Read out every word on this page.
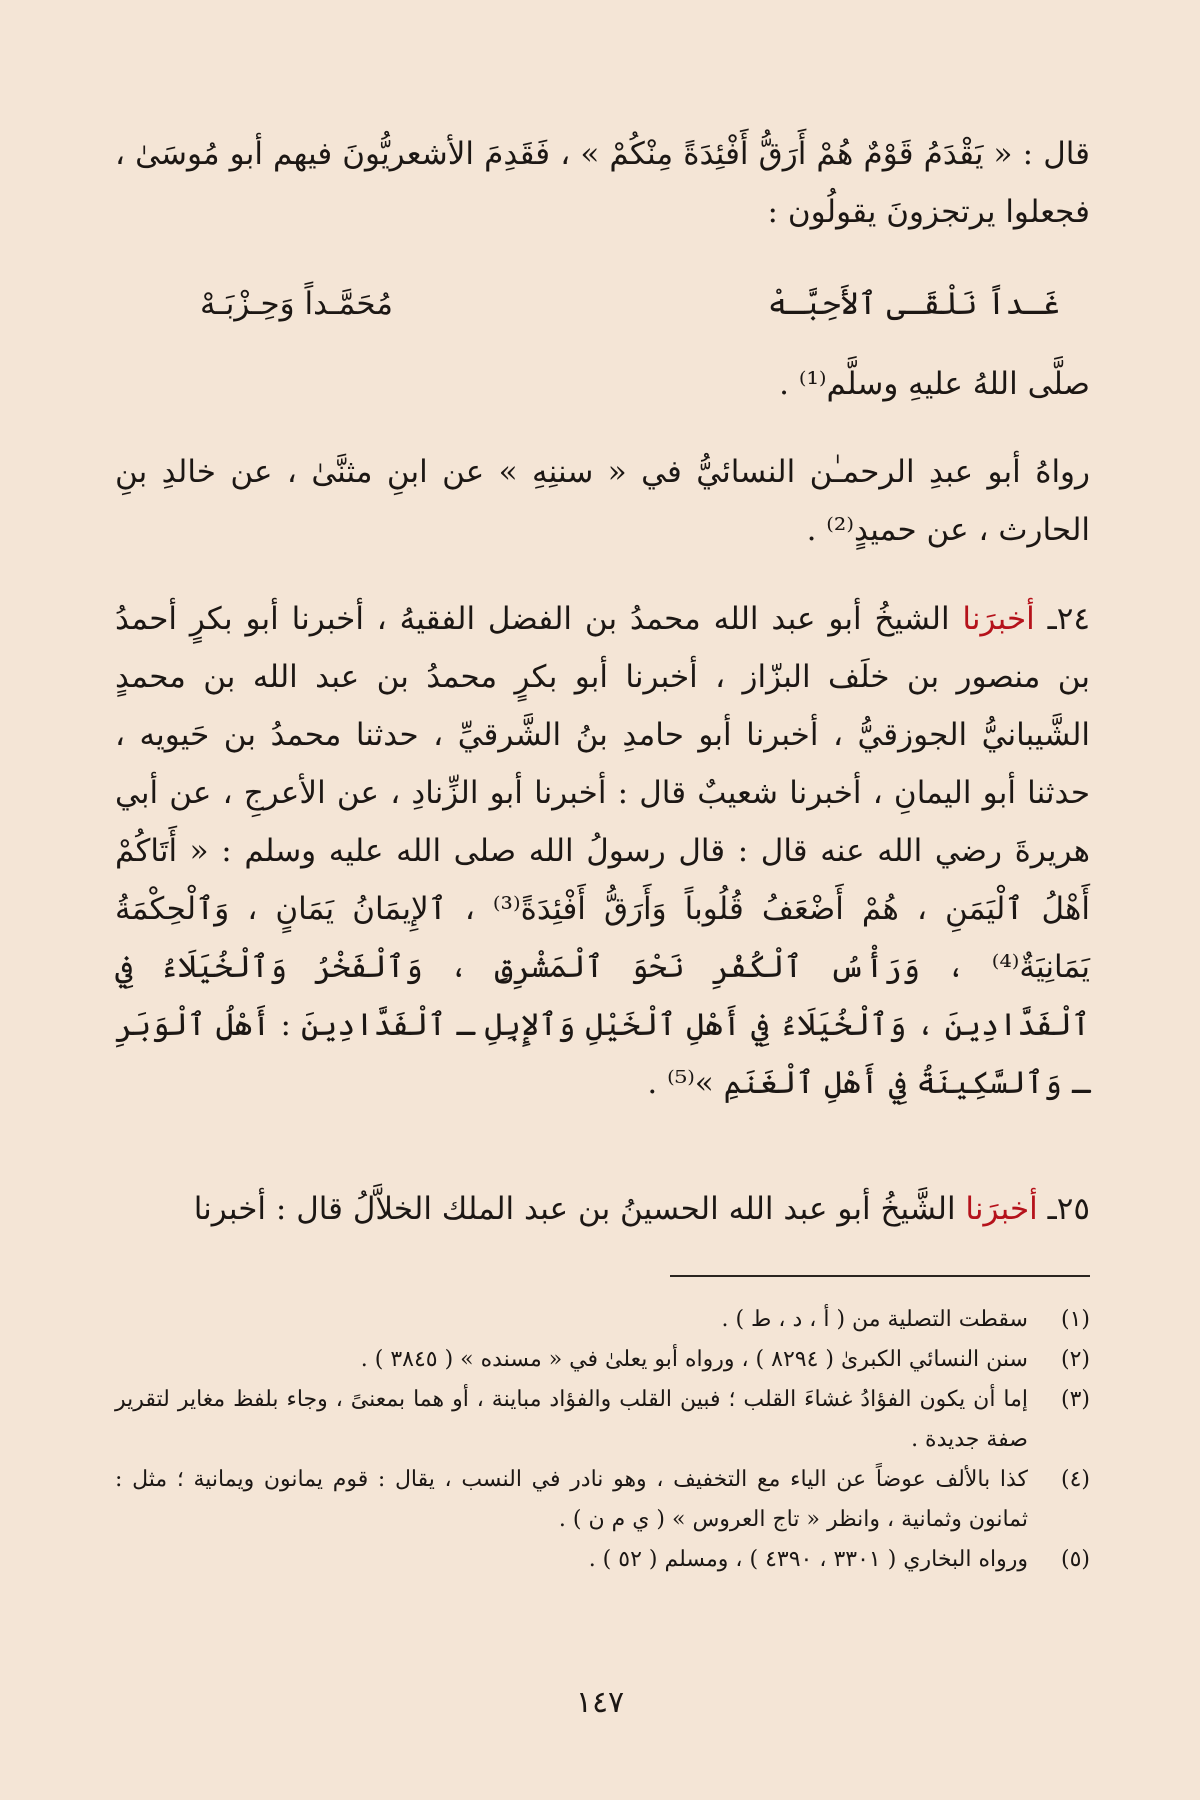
قال : « يَقْدَمُ قَوْمٌ هُمْ أَرَقُّ أَفْئِدَةً مِنْكُمْ » ، فَقَدِمَ الأشعريُّونَ فيهم أبو مُوسَىٰ ، فجعلوا يرتجزونَ يقولُون :
غَـداً نَلْقَـى ٱلأَحِبَّـهْ
مُحَمَّـداً وَحِـزْبَـهْ
صلَّى اللهُ عليهِ وسلَّم⁽¹⁾ .
رواهُ أبو عبدِ الرحمـٰن النسائيُّ في « سننِهِ » عن ابنِ مثنَّىٰ ، عن خالدِ بنِ الحارث ، عن حميدٍ⁽²⁾ .
٢٤ـ أخبرَنا الشيخُ أبو عبد الله محمدُ بن الفضل الفقيهُ ، أخبرنا أبو بكرٍ أحمدُ بن منصور بن خلَف البزّاز ، أخبرنا أبو بكرٍ محمدُ بن عبد الله بن محمدٍ الشَّيبانيُّ الجوزقيُّ ، أخبرنا أبو حامدِ بنُ الشَّرقيِّ ، حدثنا محمدُ بن حَيويه ، حدثنا أبو اليمانِ ، أخبرنا شعيبٌ قال : أخبرنا أبو الزِّنادِ ، عن الأعرجِ ، عن أبي هريرةَ رضي الله عنه قال : قال رسولُ الله صلى الله عليه وسلم : « أَتَاكُمْ أَهْلُ ٱلْيَمَنِ ، هُمْ أَضْعَفُ قُلُوباً وَأَرَقُّ أَفْئِدَةً⁽³⁾ ، ٱلإِيمَانُ يَمَانٍ ، وَٱلْحِكْمَةُ يَمَانِيَةٌ⁽⁴⁾ ، وَرَأْسُ ٱلْكُفْرِ نَحْوَ ٱلْمَشْرِقِ ، وَٱلْفَخْرُ وَٱلْخُيَلَاءُ فِي ٱلْفَدَّادِينَ ، وَٱلْخُيَلَاءُ فِي أَهْلِ ٱلْخَيْلِ وَٱلإِبِلِ ـ ٱلْفَدَّادِينَ : أَهْلُ ٱلْوَبَرِ ـ وَٱلسَّكِينَةُ فِي أَهْلِ ٱلْغَنَمِ »⁽⁵⁾ .
٢٥ـ أخبرَنا الشَّيخُ أبو عبد الله الحسينُ بن عبد الملك الخلاَّلُ قال : أخبرنا
(١)
سقطت التصلية من ( أ ، د ، ط ) .
(٢)
سنن النسائي الكبرىٰ ( ٨٢٩٤ ) ، ورواه أبو يعلىٰ في « مسنده » ( ٣٨٤٥ ) .
(٣)
إما أن يكون الفؤادُ غشاءَ القلب ؛ فبين القلب والفؤاد مباينة ، أو هما بمعنىً ، وجاء بلفظ مغاير لتقرير صفة جديدة .
(٤)
كذا بالألف عوضاً عن الياء مع التخفيف ، وهو نادر في النسب ، يقال : قوم يمانون ويمانية ؛ مثل : ثمانون وثمانية ، وانظر « تاج العروس » ( ي م ن ) .
(٥)
ورواه البخاري ( ٣٣٠١ ، ٤٣٩٠ ) ، ومسلم ( ٥٢ ) .
١٤٧
